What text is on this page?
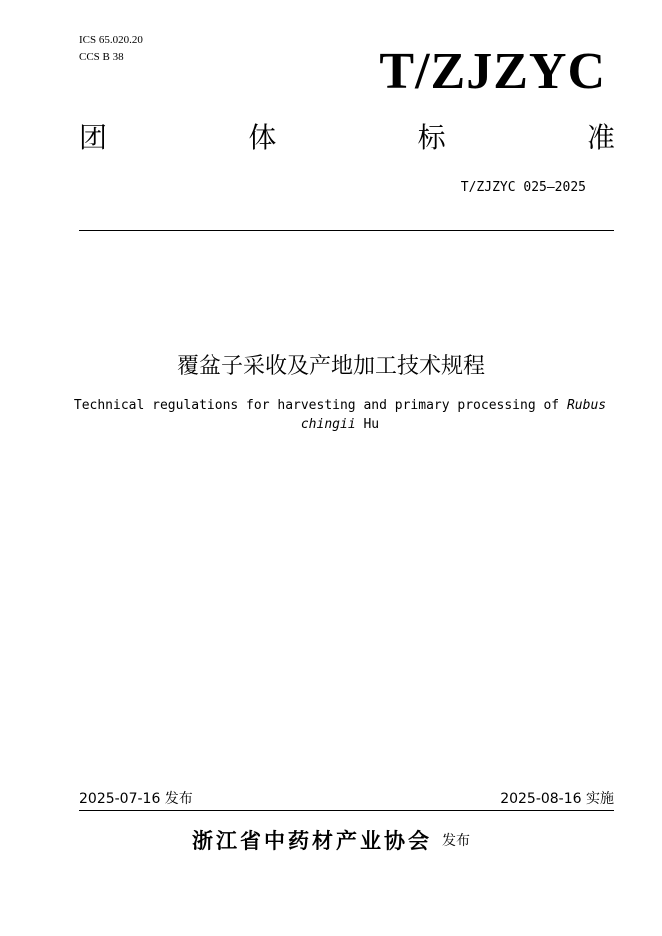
ICS 65.020.20
CCS B 38	T/ZJZYC
团	体	标	准
T/ZJZYC 025—2025
覆盆子采收及产地加工技术规程
Technical regulations for harvesting and primary processing of Rubus chingii Hu
2025-07-16 发布	2025-08-16 实施
浙江省中药材产业协会 发布
